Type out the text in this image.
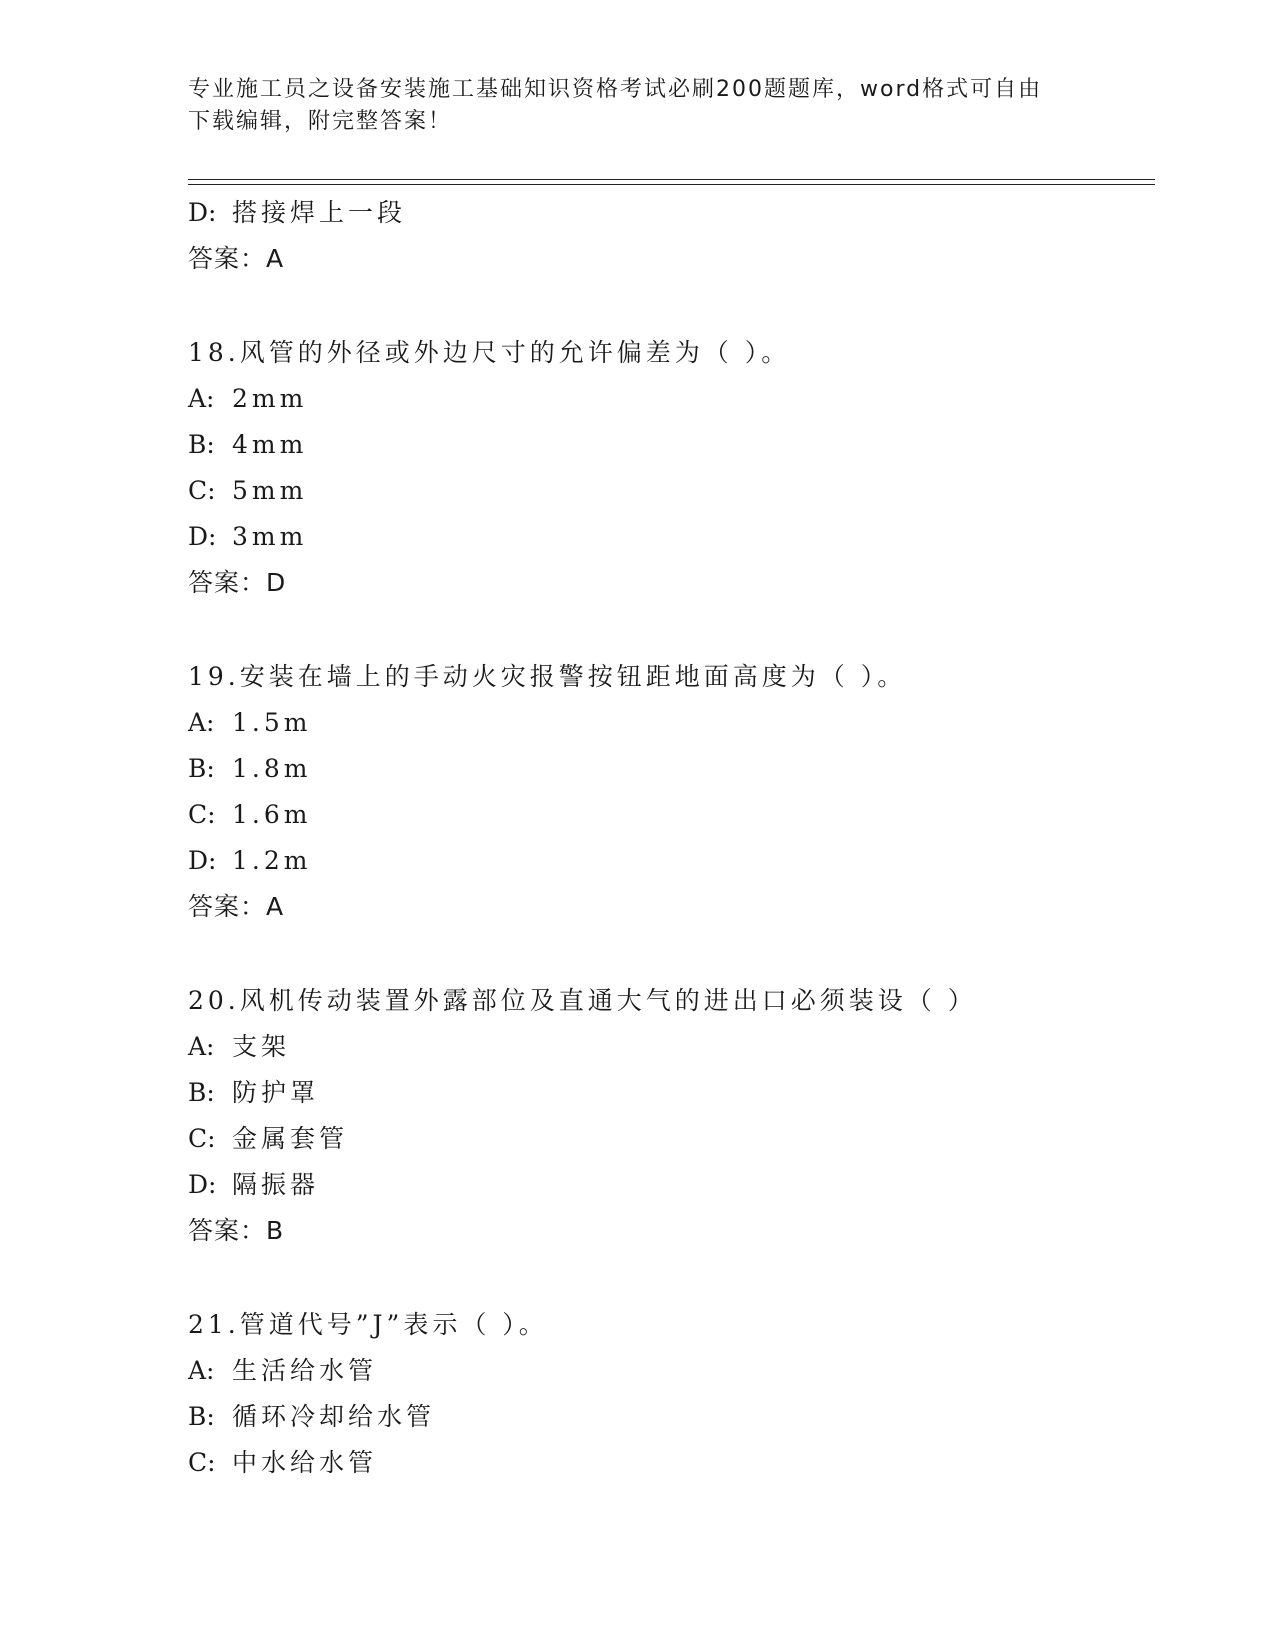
专业施工员之设备安装施工基础知识资格考试必刷200题题库，word格式可自由
下载编辑，附完整答案！
D: 搭接焊上一段
答案：A
18.风管的外径或外边尺寸的允许偏差为（ ）。
A: 2mm
B: 4mm
C: 5mm
D: 3mm
答案：D
19.安装在墙上的手动火灾报警按钮距地面高度为（ ）。
A: 1.5m
B: 1.8m
C: 1.6m
D: 1.2m
答案：A
20.风机传动装置外露部位及直通大气的进出口必须装设（ ）
A: 支架
B: 防护罩
C: 金属套管
D: 隔振器
答案：B
21.管道代号”J”表示（ ）。
A: 生活给水管
B: 循环冷却给水管
C: 中水给水管
